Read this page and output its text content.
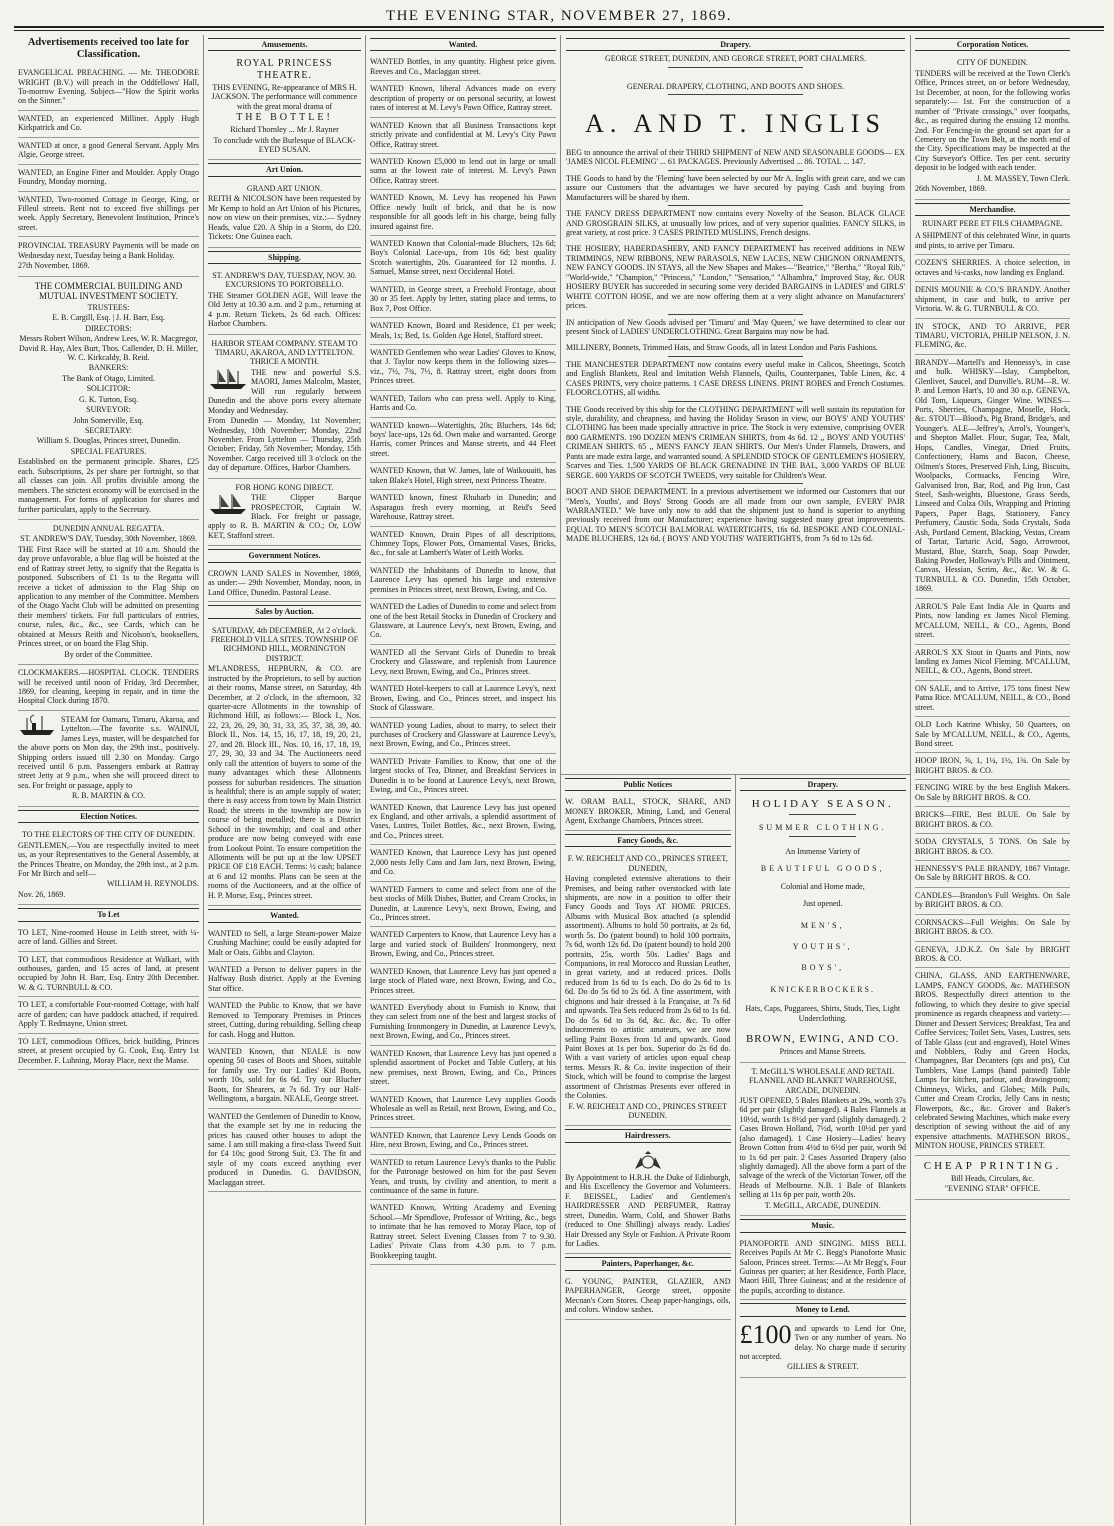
THE EVENING STAR, NOVEMBER 27, 1869.
Advertisements received too late for Classification.
EVANGELICAL PREACHING. — Mr. THEODORE WRIGHT (B.V.) will preach in the Oddfellows' Hall, To-morrow Evening. Subject—"How the Spirit works on the Sinner."
WANTED, an experienced Milliner. Apply Hugh Kirkpatrick and Co.
WANTED at once, a good General Servant. Apply Mrs Algie, George street.
WANTED, an Engine Fitter and Moulder. Apply Otago Foundry, Monday morning.
WANTED, Two-roomed Cottage in George, King, or Filleul streets. Rent not to exceed five shillings per week. Apply Secretary, Benevolent Institution, Prince's street.

PROVINCIAL TREASURY Payments will be made on Wednesday next, Tuesday being a Bank Holiday.

27th November, 1869.

THE COMMERCIAL BUILDING AND MUTUAL INVESTMENT SOCIETY.

TRUSTEES:

E. B. Cargill, Esq. | J. H. Barr, Esq.

DIRECTORS:

Messrs Robert Wilson, Andrew Lees, W. R. Macgregor, David R. Hay, Alex Burt, Thos. Callender, D. H. Miller, W. C. Kirkcaldy, B. Reid.

BANKERS:

The Bank of Otago, Limited.

SOLICITOR:

G. K. Turton, Esq.

SURVEYOR:

John Somerville, Esq.

SECRETARY:

William S. Douglas, Princes street, Dunedin.

SPECIAL FEATURES.

Established on the permanent principle. Shares, £25 each. Subscriptions, 2s per share per fortnight, so that all classes can join. All profits divisible among the members. The strictest economy will be exercised in the management. For forms of application for shares and further particulars, apply to the Secretary.

DUNEDIN ANNUAL REGATTA.

ST. ANDREW'S DAY, Tuesday, 30th November, 1869.

THE First Race will be started at 10 a.m. Should the day prove unfavorable, a blue flag will be hoisted at the end of Rattray street Jetty, to signify that the Regatta is postponed. Subscribers of £1 1s to the Regatta will receive a ticket of admission to the Flag Ship on application to any member of the Committee. Members of the Otago Yacht Club will be admitted on presenting their members' tickets. For full particulars of entries, course, rules, &c., &c., see Cards, which can be obtained at Messrs Reith and Nicolson's, booksellers, Princes street, or on board the Flag Ship.

By order of the Committee.

CLOCKMAKERS.—HOSPITAL CLOCK. TENDERS will be received until noon of Friday, 3rd December, 1869, for cleaning, keeping in repair, and in time the Hospital Clock during 1870.

STEAM for Oamaru, Timaru, Akaroa, and Lyttelton.—The favorite s.s. WAINUI, James Leys, master, will be despatched for the above ports on Mon day, the 29th inst., positively. Shipping orders issued till 2.30 on Monday. Cargo received until 6 p.m. Passengers embark at Rattray street Jetty at 9 p.m., when she will proceed direct to sea. For freight or passage, apply to

R. B. MARTIN & CO.

Election Notices.

TO THE ELECTORS OF THE CITY OF DUNEDIN.

GENTLEMEN,—You are respectfully invited to meet us, as your Representatives to the General Assembly, at the Princes Theatre, on Monday, the 29th inst., at 2 p.m. For Mr Birch and self—

WILLIAM H. REYNOLDS.

Nov. 26, 1869.

To Let
TO LET, Nine-roomed House in Leith street, with ¼-acre of land. Gillies and Street.
TO LET, that commodious Residence at Walkari, with outhouses, garden, and 15 acres of land, at present occupied by John H. Barr, Esq. Entry 20th December. W. & G. TURNBULL & CO.
TO LET, a comfortable Four-roomed Cottage, with half acre of garden; can have paddock attached, if required. Apply T. Redmayne, Union street.
TO LET, commodious Offices, brick building, Princes street, at present occupied by G. Cook, Esq. Entry 1st December. F. Luhning, Moray Place, next the Manse.
Amusements.

ROYAL PRINCESS THEATRE.

THIS EVENING, Re-appearance of MRS H. JACKSON. The performance will commence with the great moral drama of

THE BOTTLE!

Richard Thornley ... Mr J. Rayner

To conclude with the Burlesque of BLACK-EYED SUSAN.

Art Union.

GRAND ART UNION.

REITH & NICOLSON have been requested by Mr Kemp to hold an Art Union of his Pictures, now on view on their premises, viz.:— Sydney Heads, value £20. A Ship in a Storm, do £20. Tickets: One Guinea each.

Shipping.

ST. ANDREW'S DAY, TUESDAY, NOV. 30. EXCURSIONS TO PORTOBELLO.

THE Steamer GOLDEN AGE, Will leave the Old Jetty at 10.30 a.m. and 2 p.m., returning at 4 p.m. Return Tickets, 2s 6d each. Offices: Harbor Chambers.

HARBOR STEAM COMPANY. STEAM TO TIMARU, AKAROA, AND LYTTELTON. THRICE A MONTH.

THE new and powerful S.S. MAORI, James Malcolm, Master, Will run regularly between Dunedin and the above ports every alternate Monday and Wednesday.

From Dunedin — Monday, 1st November; Wednesday, 10th November; Monday, 22nd November. From Lyttelton — Thursday, 25th October; Friday, 5th November; Monday, 15th November. Cargo received till 3 o'clock on the day of departure. Offices, Harbor Chambers.

FOR HONG KONG DIRECT.

THE Clipper Barque PROSPECTOR, Captain W. Black. For freight or passage, apply to R. B. MARTIN & CO.; Or, LOW KET, Stafford street.

Government Notices.
CROWN LAND SALES in November, 1869, as under:— 29th November, Monday, noon, in Land Office, Dunedin. Pastoral Lease.
Sales by Auction.

SATURDAY, 4th DECEMBER, At 2 o'clock. FREEHOLD VILLA SITES. TOWNSHIP OF RICHMOND HILL, MORNINGTON DISTRICT.

M'LANDRESS, HEPBURN, & CO. are instructed by the Proprietors, to sell by auction at their rooms, Manse street, on Saturday, 4th December, at 2 o'clock, in the afternoon, 32 quarter-acre Allotments in the township of Richmond Hill, as follows:— Block I., Nos. 22, 23, 26, 29, 30, 31, 33, 35, 37, 38, 39, 40. Block II., Nos. 14, 15, 16, 17, 18, 19, 20, 21, 27, and 28. Block III., Nos. 10, 16, 17, 18, 19, 27, 29, 30, 33 and 34. The Auctioneers need only call the attention of buyers to some of the many advantages which these Allotments possess for suburban residences. The situation is healthful; there is an ample supply of water; there is easy access from town by Main District Road; the streets in the township are now in course of being metalled; there is a District School in the township; and coal and other produce are now being conveyed with ease from Lookout Point. To ensure competition the Allotments will be put up at the low UPSET PRICE OF £18 EACH. Terms: ½ cash; balance at 6 and 12 months. Plans can be seen at the rooms of the Auctioneers, and at the office of H. P. Morse, Esq., Princes street.

Wanted.
WANTED to Sell, a large Steam-power Maize Crushing Machine; could be easily adapted for Malt or Oats. Gibbs and Clayton.
WANTED a Person to deliver papers in the Halfway Bush district. Apply at the Evening Star office.
WANTED the Public to Know, that we have Removed to Temporary Premises in Princes street, Cutting, during rebuilding. Selling cheap for cash. Hogg and Hutton.
WANTED Known, that NEALE is now opening 50 cases of Boots and Shoes, suitable for family use. Try our Ladies' Kid Boots, worth 10s, sold for 6s 6d. Try our Blucher Boots, for Shearers, at 7s 6d. Try our Half-Wellingtons, a bargain. NEALE, George street.
WANTED the Gentlemen of Dunedin to Know, that the example set by me in reducing the prices has caused other houses to adopt the same. I am still making a first-class Tweed Suit for £4 10s; good Strong Suit, £3. The fit and style of my coats exceed anything ever produced in Dunedin. G. DAVIDSON, Maclaggan street.
Wanted.
WANTED Bottles, in any quantity. Highest price given. Reeves and Co., Maclaggan street.
WANTED Known, liberal Advances made on every description of property or on personal security, at lowest rates of interest at M. Levy's Pawn Office, Rattray street.
WANTED Known that all Business Transactions kept strictly private and confidential at M. Levy's City Pawn Office, Rattray street.
WANTED Known £5,000 to lend out in large or small sums at the lowest rate of interest. M. Levy's Pawn Office, Rattray street.
WANTED Known, M. Levy has reopened his Pawn Office newly built of brick, and that he is now responsible for all goods left in his charge, being fully insured against fire.
WANTED Known that Colonial-made Bluchers, 12s 6d; Boy's Colonial Lace-ups, from 10s 6d; best quality Scotch watertights, 20s. Guaranteed for 12 months. J. Samuel, Manse street, next Occidental Hotel.
WANTED, in George street, a Freehold Frontage, about 30 or 35 feet. Apply by letter, stating place and terms, to Box 7, Post Office.
WANTED Known, Board and Residence, £1 per week; Meals, 1s; Bed, 1s. Golden Age Hotel, Stafford street.
WANTED Gentlemen who wear Ladies' Gloves to Know, that J. Taylor now keeps them in the following sizes—viz., 7½, 7¾, 7½, 8. Rattray street, eight doors from Princes street.
WANTED, Tailors who can press well. Apply to King, Harris and Co.
WANTED known—Watertights, 20s; Bluchers, 14s 6d; boys' lace-ups, 12s 6d. Own make and warranted. George Harris, corner Princes and Manse streets, and 44 Fleet street.
WANTED Known, that W. James, late of Waikouaiti, has taken Blake's Hotel, High street, next Princess Theatre.
WANTED known, finest Rhubarb in Dunedin; and Asparagus fresh every morning, at Reid's Seed Warehouse, Rattray street.
WANTED Known, Drain Pipes of all descriptions, Chimney Tops, Flower Pots, Ornamental Vases, Bricks, &c., for sale at Lambert's Water of Leith Works.
WANTED the Inhabitants of Dunedin to know, that Laurence Levy has opened his large and extensive premises in Princes street, next Brown, Ewing, and Co.
WANTED the Ladies of Dunedin to come and select from one of the best Retail Stocks in Dunedin of Crockery and Glassware, at Laurence Levy's, next Brown, Ewing, and Co.
WANTED all the Servant Girls of Dunedin to break Crockery and Glassware, and replenish from Laurence Levy, next Brown, Ewing, and Co., Princes street.
WANTED Hotel-keepers to call at Laurence Levy's, next Brown, Ewing, and Co., Princes street, and inspect his Stock of Glassware.
WANTED young Ladies, about to marry, to select their purchases of Crockery and Glassware at Laurence Levy's, next Brown, Ewing, and Co., Princes street.
WANTED Private Families to Know, that one of the largest stocks of Tea, Dinner, and Breakfast Services in Dunedin is to be found at Laurence Levy's, next Brown, Ewing, and Co., Princes street.
WANTED Known, that Laurence Levy has just opened ex England, and other arrivals, a splendid assortment of Vases, Lustres, Toilet Bottles, &c., next Brown, Ewing, and Co., Princes street.
WANTED Known, that Laurence Levy has just opened 2,000 nests Jelly Cans and Jam Jars, next Brown, Ewing, and Co.
WANTED Farmers to come and select from one of the best stocks of Milk Dishes, Butter, and Cream Crocks, in Dunedin, at Laurence Levy's, next Brown, Ewing, and Co., Princes street.
WANTED Carpenters to Know, that Laurence Levy has a large and varied stock of Builders' Ironmongery, next Brown, Ewing, and Co., Princes street.
WANTED Known, that Laurence Levy has just opened a large stock of Plated ware, next Brown, Ewing, and Co., Princes street.
WANTED Everybody about to Furnish to Know, that they can select from one of the best and largest stocks of Furnishing Ironmongery in Dunedin, at Laurence Levy's, next Brown, Ewing, and Co., Princes street.
WANTED Known, that Laurence Levy has just opened a splendid assortment of Pocket and Table Cutlery, at his new premises, next Brown, Ewing, and Co., Princes street.
WANTED Known, that Laurence Levy supplies Goods Wholesale as well as Retail, next Brown, Ewing, and Co., Princes street.
WANTED Known, that Laurence Levy Lends Goods on Hire, next Brown, Ewing, and Co., Princes street.
WANTED to return Laurence Levy's thanks to the Public for the Patronage bestowed on him for the past Seven Years, and trusts, by civility and attention, to merit a continuance of the same in future.
WANTED Known, Writing Academy and Evening School.—Mr Spendlove, Professor of Writing, &c., begs to intimate that he has removed to Moray Place, top of Rattray street. Select Evening Classes from 7 to 9.30. Ladies' Private Class from 4.30 p.m. to 7 p.m. Bookkeeping taught.
Drapery.

GEORGE STREET, DUNEDIN, AND GEORGE STREET, PORT CHALMERS.

GENERAL DRAPERY, CLOTHING, AND BOOTS AND SHOES.

A. AND T. INGLIS

BEG to announce the arrival of their THIRD SHIPMENT of NEW AND SEASONABLE GOODS— EX 'JAMES NICOL FLEMING' ... 61 PACKAGES. Previously Advertised ... 86. TOTAL ... 147.

THE Goods to hand by the 'Fleming' have been selected by our Mr A. Inglis with great care, and we can assure our Customers that the advantages we have secured by paying Cash and buying from Manufacturers will be shared by them.

THE FANCY DRESS DEPARTMENT now contains every Novelty of the Season. BLACK GLACE AND GROSGRAIN SILKS, at unusually low prices, and of very superior qualities. FANCY SILKS, in great variety, at cost price. 3 CASES PRINTED MUSLINS, French designs.

THE HOSIERY, HABERDASHERY, AND FANCY DEPARTMENT has received additions in NEW TRIMMINGS, NEW RIBBONS, NEW PARASOLS, NEW LACES, NEW CHIGNON ORNAMENTS, NEW FANCY GOODS. IN STAYS, all the New Shapes and Makes—"Beatrice," "Bertha," "Royal Rib," "World-wide," "Champion," "Princess," "London," "Sensation," "Alhambra," Improved Stay, &c. OUR HOSIERY BUYER has succeeded in securing some very decided BARGAINS in LADIES' and GIRLS' WHITE COTTON HOSE, and we are now offering them at a very slight advance on Manufacturers' prices.

IN anticipation of New Goods advised per 'Timaru' and 'May Queen,' we have determined to clear our present Stock of LADIES' UNDERCLOTHING. Great Bargains may now be had.

MILLINERY, Bonnets, Trimmed Hats, and Straw Goods, all in latest London and Paris Fashions.

THE MANCHESTER DEPARTMENT now contains every useful make in Calicos, Sheetings, Scotch and English Blankets, Real and Imitation Welsh Flannels, Quilts, Counterpanes, Table Linen, &c. 4 CASES PRINTS, very choice patterns. 1 CASE DRESS LINENS. PRINT ROBES and French Costumes. FLOORCLOTHS, all widths.

THE Goods received by this ship for the CLOTHING DEPARTMENT will well sustain its reputation for style, durability, and cheapness, and having the Holiday Season in view, our BOYS' AND YOUTHS' CLOTHING has been made specially attractive in price. The Stock is very extensive, comprising OVER 800 GARMENTS. 190 DOZEN MEN'S CRIMEAN SHIRTS, from 4s 6d. 12 ,, BOYS' AND YOUTHS' CRIMEAN SHIRTS. 65 ,, MEN'S FANCY JEAN SHIRTS. Our Men's Under Flannels, Drawers, and Pants are made extra large, and warranted sound. A SPLENDID STOCK OF GENTLEMEN'S HOSIERY, Scarves and Ties. 1,500 YARDS OF BLACK GRENADINE IN THE BAL, 3,000 YARDS OF BLUE SERGE. 600 YARDS OF SCOTCH TWEEDS, very suitable for Children's Wear.

BOOT AND SHOE DEPARTMENT. In a previous advertisement we informed our Customers that our "Men's, Youths', and Boys' Strong Goods are all made from our own sample, EVERY PAIR WARRANTED." We have only now to add that the shipment just to hand is superior to anything previously received from our Manufacturer; experience having suggested many great improvements. EQUAL TO MEN'S SCOTCH BALMORAL WATERTIGHTS, 16s 6d. BESPOKE AND COLONIAL-MADE BLUCHERS, 12s 6d. ( BOYS' AND YOUTHS' WATERTIGHTS, from 7s 6d to 12s 6d.

Public Notices
W. ORAM BALL, STOCK, SHARE, AND MONEY BROKER, Mining, Land, and General Agent, Exchange Chambers, Princes street.
Fancy Goods, &c.

F. W. REICHELT AND CO., PRINCES STREET, DUNEDIN,

Having completed extensive alterations to their Premises, and being rather overstocked with late shipments, are now in a position to offer their Fancy Goods and Toys AT HOME PRICES. Albums with Musical Box attached (a splendid assortment). Albums to hold 50 portraits, at 2s 6d, worth 5s. Do (patent bound) to hold 100 portraits, 7s 6d, worth 12s 6d. Do (patent bound) to hold 200 portraits, 25s, worth 50s. Ladies' Bags and Companions, in real Morocco and Russian Leather, in great variety, and at reduced prices. Dolls reduced from 1s 6d to 1s each. Do do 2s 6d to 1s 6d. Do do 5s 6d to 2s 6d. A fine assortment, with chignons and hair dressed à la Française, at 7s 6d and upwards. Tea Sets reduced from 2s 6d to 1s 6d. Do do 5s 6d to 3s 6d, &c. &c. &c. To offer inducements to artistic amateurs, we are now selling Paint Boxes from 1d and upwards. Good Paint Boxes at 1s per box. Superior do 2s 6d do. With a vast variety of articles upon equal cheap terms. Messrs R. & Co. invite inspection of their Stock, which will be found to comprise the largest assortment of Christmas Presents ever offered in the Colonies.

F. W. REICHELT AND CO., PRINCES STREET DUNEDIN.

Hairdressers.

By Appointment to H.R.H. the Duke of Edinburgh, and His Excellency the Governor and Volunteers. F. BEISSEL, Ladies' and Gentlemen's HAIRDRESSER AND PERFUMER, Rattray street, Dunedin. Warm, Cold, and Shower Baths (reduced to One Shilling) always ready. Ladies' Hair Dressed any Style or Fashion. A Private Room for Ladies.

Painters, Paperhanger, &c.
G. YOUNG, PAINTER, GLAZIER, AND PAPERHANGER, George street, opposite Mecnan's Corn Stores. Cheap paper-hangings, oils, and colors. Window sashes.
Drapery.

HOLIDAY SEASON.

SUMMER CLOTHING.

An Immense Variety of

BEAUTIFUL GOODS,

Colonial and Home made,

Just opened.

MEN'S,

YOUTHS',

BOYS',

KNICKERBOCKERS.

Hats, Caps, Puggarees, Shirts, Studs, Ties, Light Underclothing.

BROWN, EWING, AND CO.

Princes and Manse Streets.

T. McGILL'S WHOLESALE AND RETAIL FLANNEL AND BLANKET WAREHOUSE, ARCADE, DUNEDIN.

JUST OPENED, 5 Bales Blankets at 29s, worth 37s 6d per pair (slightly damaged). 4 Bales Flannels at 10½d, worth 1s 8½d per yard (slightly damaged). 2 Cases Brown Holland, 7½d, worth 10½d per yard (also damaged). 1 Case Hosiery—Ladies' heavy Brown Cotton from 4½d to 6½d per pair, worth 9d to 1s 6d per pair. 2 Cases Assorted Drapery (also slightly damaged). All the above form a part of the salvage of the wreck of the Victorian Tower, off the Heads of Melbourne. N.B. 1 Bale of Blankets selling at 11s 6p per pair, worth 20s.

T. McGILL, ARCADE, DUNEDIN.

Music.
PIANOFORTE AND SINGING. MISS BELL Receives Pupils At Mr C. Begg's Pianoforte Music Saloon, Princes street. Terms:—At Mr Begg's, Four Guineas per quarter; at her Residence, Forth Place, Maori Hill, Three Guineas; and at the residence of the pupils, according to distance.
Money to Lend.
£100 and upwards to Lend for One, Two or any number of years. No delay. No charge made if security not accepted.

GILLIES & STREET.

Corporation Notices.

CITY OF DUNEDIN.

TENDERS will be received at the Town Clerk's Office, Princes street, on or before Wednesday, 1st December, at noon, for the following works separately:— 1st. For the construction of a number of "Private crossings," over footpaths, &c., as required during the ensuing 12 months. 2nd. For Fencing-in the ground set apart for a Cemetery on the Town Belt, at the north end of the City. Specifications may be inspected at the City Surveyor's Office. Ten per cent. security deposit to be lodged with each tender.

J. M. MASSEY, Town Clerk.

26th November, 1869.

Merchandise.

RUINART PERE ET FILS CHAMPAGNE.

A SHIPMENT of this celebrated Wine, in quarts and pints, to arrive per Timaru.
COZEN'S SHERRIES. A choice selection, in octaves and ¼-casks, now landing ex England.
DENIS MOUNIE & CO.'S BRANDY. Another shipment, in case and bulk, to arrive per Victoria. W. & G. TURNBULL & CO.
IN STOCK, AND TO ARRIVE, PER TIMARU, VICTORIA, PHILIP NELSON, J. N. FLEMING, &c.
BRANDY—Martell's and Hennessy's, in case and bulk. WHISKY—Islay, Campbelton, Glenlivet, Saucel, and Dunville's. RUM—R. W. P. and Lemon Hart's, 10 and 30 o.p. GENEVA, Old Tom, Liqueurs, Ginger Wine. WINES—Ports, Sherries, Champagne, Moselle, Hock, &c. STOUT—Blood's, Pig Brand, Bridge's, and Younger's. ALE—Jeffrey's, Arrol's, Younger's, and Shepton Mallet. Flour, Sugar, Tea, Malt, Hops, Candles, Vinegar, Dried Fruits, Confectionery, Hams and Bacon, Cheese, Oilmen's Stores, Preserved Fish, Ling, Biscuits, Woolpacks, Cornsacks, Fencing Wire, Galvanised Iron, Bar, Rod, and Pig Iron, Cast Steel, Sash-weights, Bluestone, Grass Seeds, Linseed and Colza Oils, Wrapping and Printing Papers, Paper Bags, Stationery, Fancy Perfumery, Caustic Soda, Soda Crystals, Soda Ash, Portland Cement, Blacking, Vestas, Cream of Tartar, Tartaric Acid, Sago, Arrowroot, Mustard, Blue, Starch, Soap, Soap Powder, Baking Powder, Holloway's Pills and Ointment, Canvas, Hessian, Scrim, &c., &c. W. & G. TURNBULL & CO. Dunedin, 15th October, 1869.
ARROL'S Pale East India Ale in Quarts and Pints, now landing ex James Nicol Fleming. M'CALLUM, NEILL, & CO., Agents, Bond street.
ARROL'S XX Stout in Quarts and Pints, now landing ex James Nicol Fleming. M'CALLUM, NEILL, & CO., Agents, Bond street.
ON SALE, and to Arrive, 175 tons finest New Patna Rice. M'CALLUM, NEILL, & CO., Bond street.
OLD Loch Katrine Whisky, 50 Quarters, on Sale by M'CALLUM, NEILL, & CO., Agents, Bond street.
HOOP IRON, ⅝, 1, 1¼, 1½, 1¾. On Sale by BRIGHT BROS. & CO.
FENCING WIRE by the best English Makers. On Sale by BRIGHT BROS. & CO.
BRICKS—FIRE, Best BLUE. On Sale by BRIGHT BROS. & CO.
SODA CRYSTALS, 5 TONS. On Sale by BRIGHT BROS. & CO.
HENNESSY'S PALE BRANDY, 1867 Vintage. On Sale by BRIGHT BROS. & CO.
CANDLES—Brandon's Full Weights. On Sale by BRIGHT BROS. & CO.
CORNSACKS—Full Weights. On Sale by BRIGHT BROS. & CO.
GENEVA, J.D.K.Z. On Sale by BRIGHT BROS. & CO.
CHINA, GLASS, AND EARTHENWARE, LAMPS, FANCY GOODS, &c. MATHESON BROS. Respectfully direct attention to the following, to which they desire to give special prominence as regards cheapness and variety:— Dinner and Dessert Services; Breakfast, Tea and Coffee Services; Toilet Sets, Vases, Lustres, sets of Table Glass (cut and engraved), Hotel Wines and Nobblers, Ruby and Green Hocks, Champagnes, Bar Decanters (qts and pts), Cut Tumblers, Vase Lamps (hand painted) Table Lamps for kitchen, parlour, and drawingroom; Chimneys, Wicks, and Globes; Milk Pails, Cutter and Cream Crocks, Jelly Cans in nests; Flowerpots, &c., &c. Grover and Baker's celebrated Sewing Machines, which make every description of sewing without the aid of any expensive attachments. MATHESON BROS., MINTON HOUSE, PRINCES STREET.

CHEAP PRINTING.

Bill Heads, Circulars, &c.

"EVENING STAR" OFFICE.
